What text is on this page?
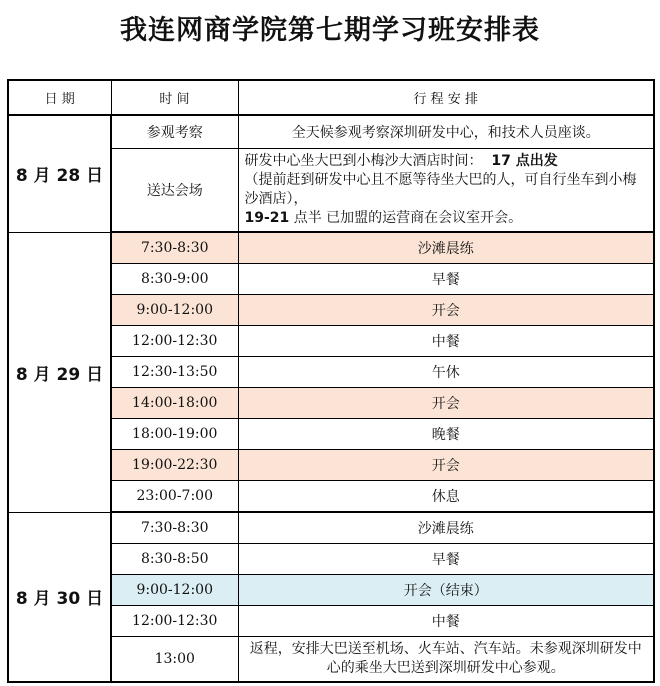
我连网商学院第七期学习班安排表
日 期	时 间	行 程 安 排
8 月 28 日	参观考察	全天候参观考察深圳研发中心，和技术人员座谈。
	送达会场	研发中心坐大巴到小梅沙大酒店时间： 17 点出发
（提前赶到研发中心且不愿等待坐大巴的人，可自行坐车到小梅沙酒店），
19-21 点半 已加盟的运营商在会议室开会。
8 月 29 日	7:30-8:30	沙滩晨练
	8:30-9:00	早餐
	9:00-12:00	开会
	12:00-12:30	中餐
	12:30-13:50	午休
	14:00-18:00	开会
	18:00-19:00	晚餐
	19:00-22:30	开会
	23:00-7:00	休息
8 月 30 日	7:30-8:30	沙滩晨练
	8:30-8:50	早餐
	9:00-12:00	开会（结束）
	12:00-12:30	中餐
	13:00	返程，安排大巴送至机场、火车站、汽车站。未参观深圳研发中心的乘坐大巴送到深圳研发中心参观。
